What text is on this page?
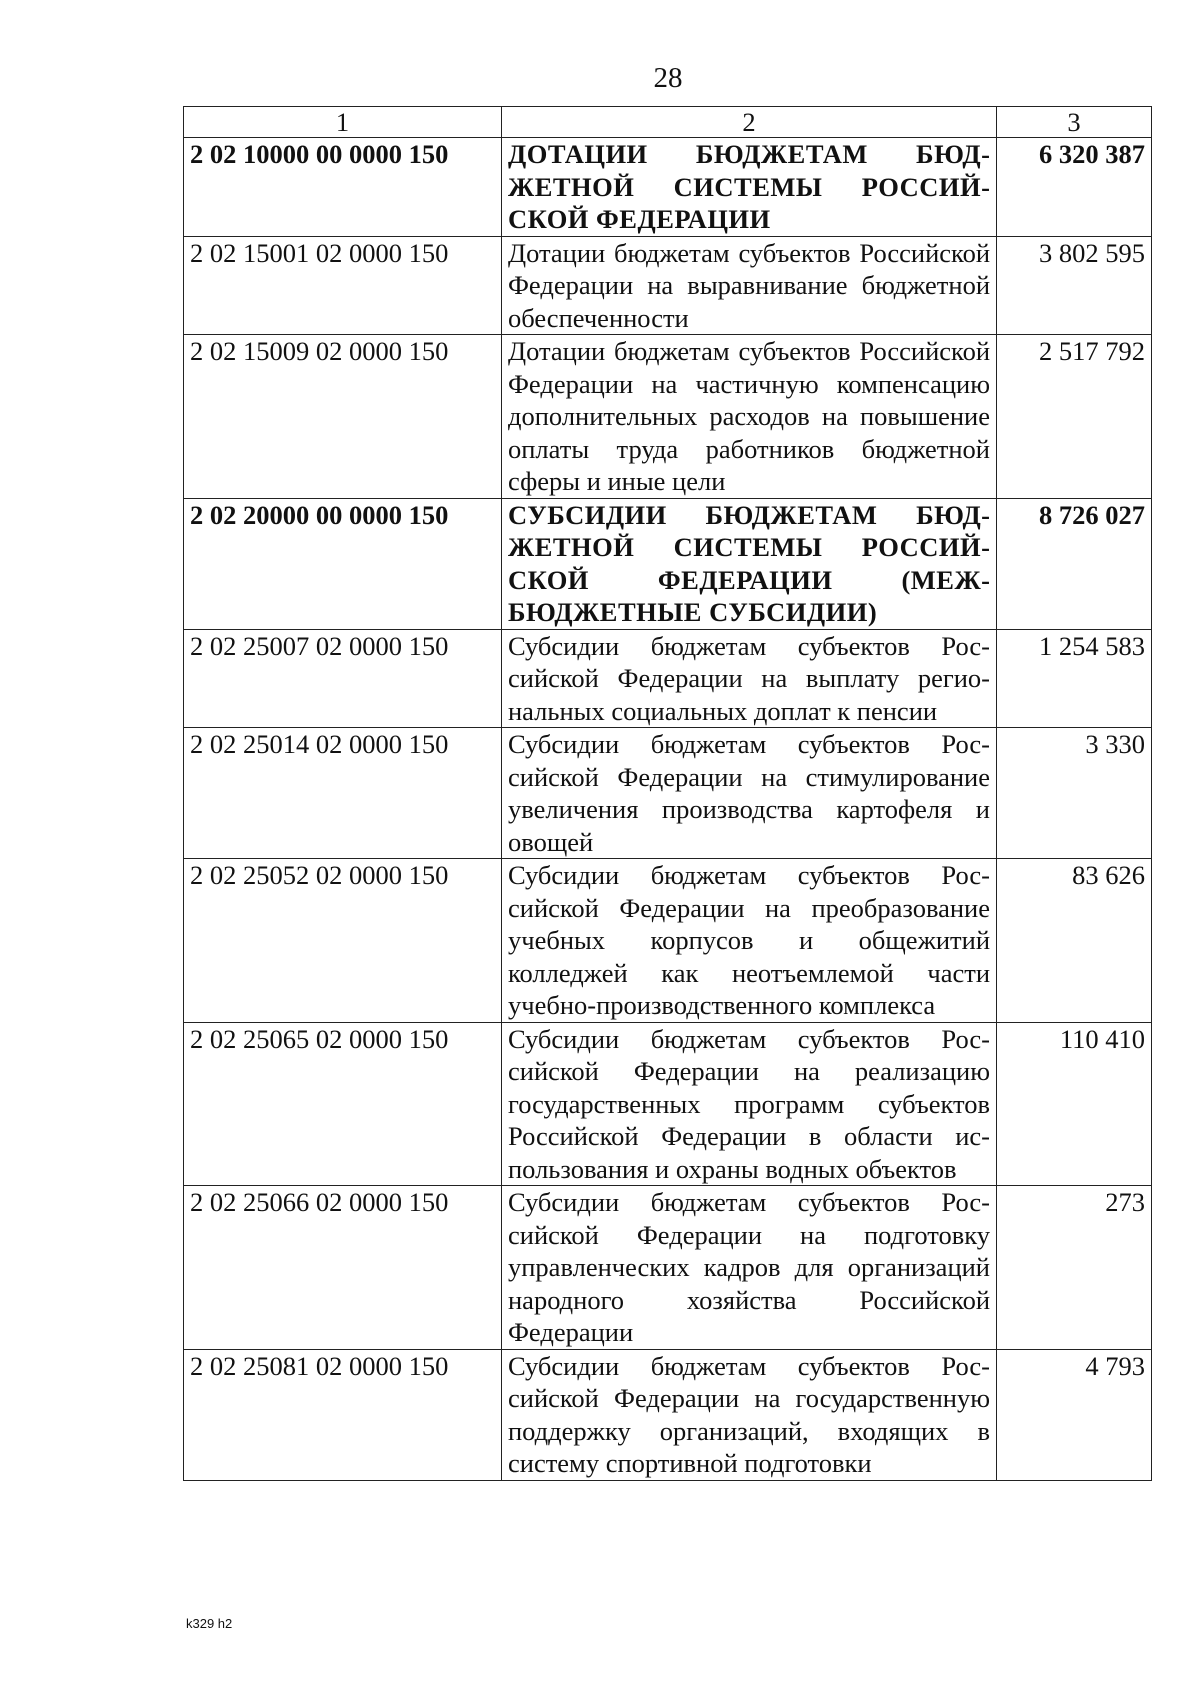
28
1	2	3
2 02 10000 00 0000 150	ДОТАЦИИ БЮДЖЕТАМ БЮДЖЕТНОЙ СИСТЕМЫ РОССИЙСКОЙ ФЕДЕРАЦИИ	6 320 387
2 02 15001 02 0000 150	Дотации бюджетам субъектов Российской Федерации на выравнивание бюджетной обеспеченности	3 802 595
2 02 15009 02 0000 150	Дотации бюджетам субъектов Российской Федерации на частичную компенсацию дополнительных расходов на повышение оплаты труда работников бюджетной сферы и иные цели	2 517 792
2 02 20000 00 0000 150	СУБСИДИИ БЮДЖЕТАМ БЮДЖЕТНОЙ СИСТЕМЫ РОССИЙСКОЙ ФЕДЕРАЦИИ (МЕЖБЮДЖЕТНЫЕ СУБСИДИИ)	8 726 027
2 02 25007 02 0000 150	Субсидии бюджетам субъектов Российской Федерации на выплату региональных социальных доплат к пенсии	1 254 583
2 02 25014 02 0000 150	Субсидии бюджетам субъектов Российской Федерации на стимулирование увеличения производства картофеля и овощей	3 330
2 02 25052 02 0000 150	Субсидии бюджетам субъектов Российской Федерации на преобразование учебных корпусов и общежитий колледжей как неотъемлемой части учебно-производственного комплекса	83 626
2 02 25065 02 0000 150	Субсидии бюджетам субъектов Российской Федерации на реализацию государственных программ субъектов Российской Федерации в области использования и охраны водных объектов	110 410
2 02 25066 02 0000 150	Субсидии бюджетам субъектов Российской Федерации на подготовку управленческих кадров для организаций народного хозяйства Российской Федерации	273
2 02 25081 02 0000 150	Субсидии бюджетам субъектов Российской Федерации на государственную поддержку организаций, входящих в систему спортивной подготовки	4 793
k329 h2
